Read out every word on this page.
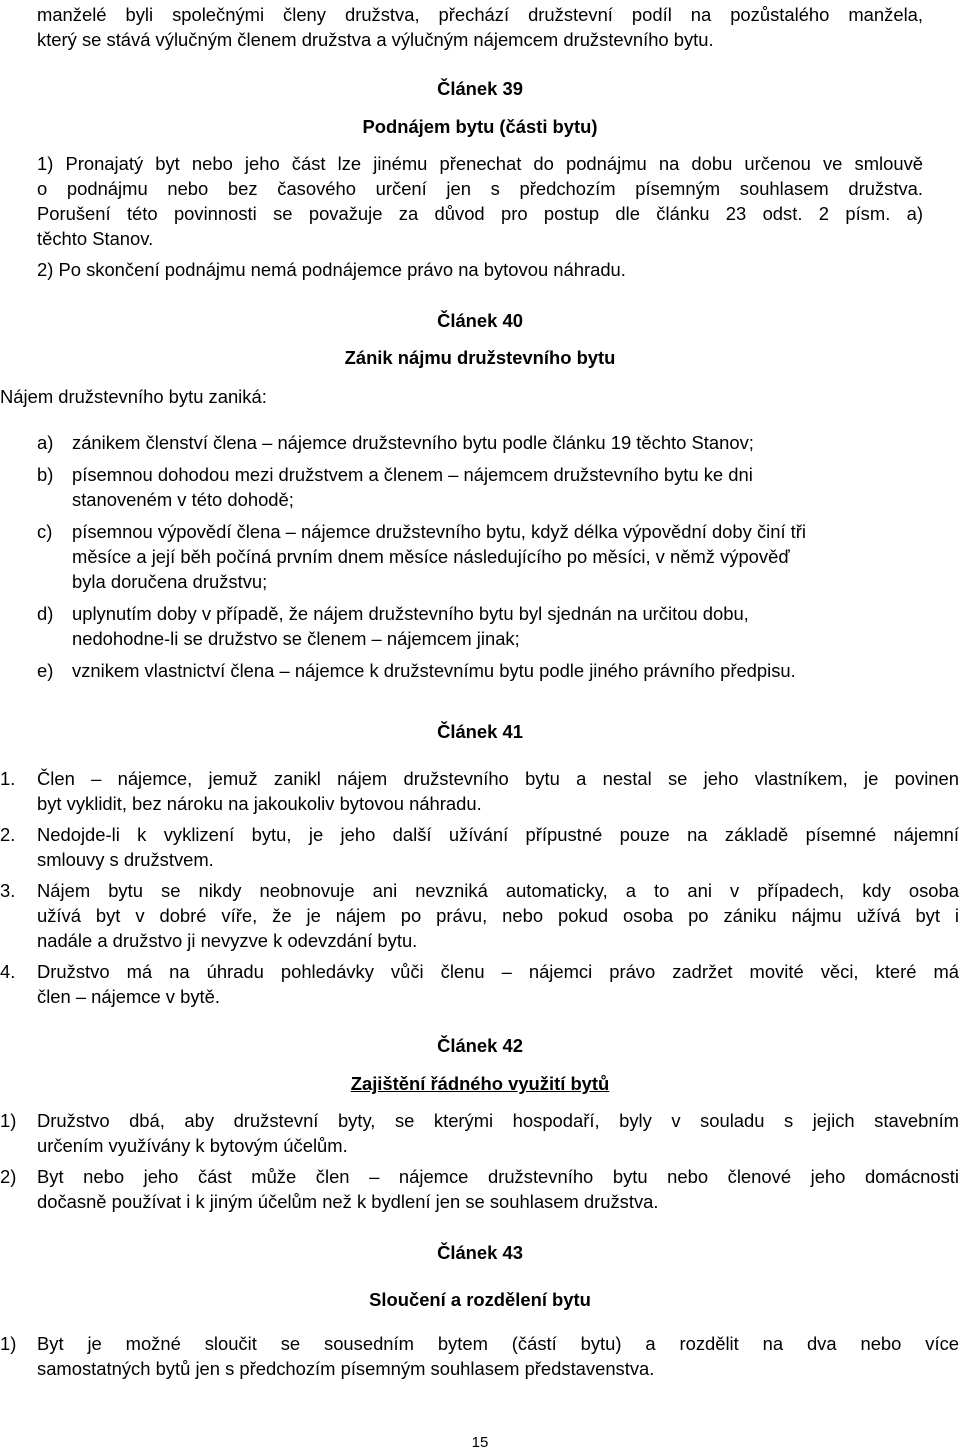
manželé byli společnými členy družstva, přechází družstevní podíl na pozůstalého manžela,
který se stává výlučným členem družstva a výlučným nájemcem družstevního bytu.
Článek 39
Podnájem bytu (části bytu)
1) Pronajatý byt nebo jeho část lze jinému přenechat do podnájmu na dobu určenou ve smlouvě
o podnájmu nebo bez časového určení jen s předchozím písemným souhlasem družstva.
Porušení této povinnosti se považuje za důvod pro postup dle článku 23 odst. 2 písm. a)
těchto Stanov.
2) Po skončení podnájmu nemá podnájemce právo na bytovou náhradu.
Článek 40
Zánik nájmu družstevního bytu
Nájem družstevního bytu zaniká:
a)	zánikem členství člena – nájemce družstevního bytu podle článku 19 těchto Stanov;
b)	písemnou dohodou mezi družstvem a členem – nájemcem družstevního bytu ke dni
stanoveném v této dohodě;
c)	písemnou výpovědí člena – nájemce družstevního bytu, když délka výpovědní doby činí tři
měsíce a její běh počíná prvním dnem měsíce následujícího po měsíci, v němž výpověď
byla doručena družstvu;
d)	uplynutím doby v případě, že nájem družstevního bytu byl sjednán na určitou dobu,
nedohodne-li se družstvo se členem – nájemcem jinak;
e)	vznikem vlastnictví člena – nájemce k družstevnímu bytu podle jiného právního předpisu.
Článek 41
1.	Člen – nájemce, jemuž zanikl nájem družstevního bytu a nestal se jeho vlastníkem, je povinen
byt vyklidit, bez nároku na jakoukoliv bytovou náhradu.
2.	Nedojde-li k vyklizení bytu, je jeho další užívání přípustné pouze na základě písemné nájemní
smlouvy s družstvem.
3.	Nájem bytu se nikdy neobnovuje ani nevzniká automaticky, a to ani v případech, kdy osoba
užívá byt v dobré víře, že je nájem po právu, nebo pokud osoba po zániku nájmu užívá byt i
nadále a družstvo ji nevyzve k odevzdání bytu.
4.	Družstvo má na úhradu pohledávky vůči členu – nájemci právo zadržet movité věci, které má
člen – nájemce v bytě.
Článek 42
Zajištění řádného využití bytů
1)	Družstvo dbá, aby družstevní byty, se kterými hospodaří, byly v souladu s jejich stavebním
určením využívány k bytovým účelům.
2)	Byt nebo jeho část může člen – nájemce družstevního bytu nebo členové jeho domácnosti
dočasně používat i k jiným účelům než k bydlení jen se souhlasem družstva.
Článek 43
Sloučení a rozdělení bytu
1)	Byt je možné sloučit se sousedním bytem (částí bytu) a rozdělit na dva nebo více
samostatných bytů jen s předchozím písemným souhlasem představenstva.
15
